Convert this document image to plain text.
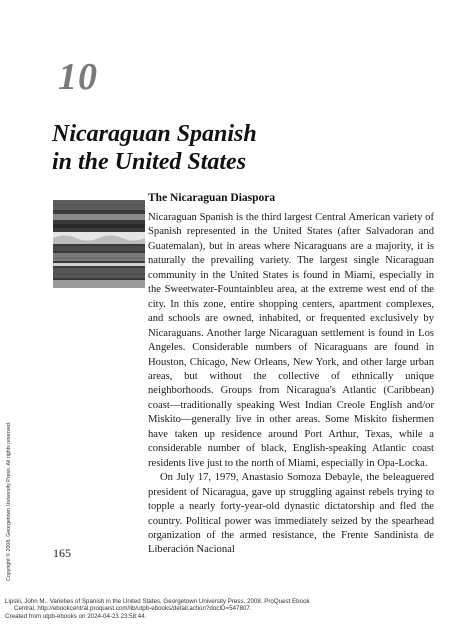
10
Nicaraguan Spanish
in the United States
The Nicaraguan Diaspora

Nicaraguan Spanish is the third largest Central American variety of Spanish represented in the United States (after Salvadoran and Guatemalan), but in areas where Nicaraguans are a majority, it is naturally the prevailing variety. The largest single Nicaraguan community in the United States is found in Miami, especially in the Sweetwater-Fountainbleu area, at the extreme west end of the city. In this zone, entire shopping centers, apartment complexes, and schools are owned, inhabited, or frequented exclusively by Nicaraguans. Another large Nicaraguan settlement is found in Los Angeles. Considerable numbers of Nicaraguans are found in Houston, Chicago, New Orleans, New York, and other large urban areas, but without the collective of ethnically unique neighborhoods. Groups from Nicaragua's Atlantic (Caribbean) coast—traditionally speaking West Indian Creole English and/or Miskito—generally live in other areas. Some Miskito fishermen have taken up residence around Port Arthur, Texas, while a considerable number of black, English-speaking Atlantic coast residents live just to the north of Miami, especially in Opa-Locka.

On July 17, 1979, Anastasio Somoza Debayle, the beleaguered president of Nicaragua, gave up struggling against rebels trying to topple a nearly forty-year-old dynastic dictatorship and fled the country. Political power was immediately seized by the spearhead organization of the armed resistance, the Frente Sandinista de Liberación Nacional

165
Copyright © 2008. Georgetown University Press. All rights reserved.
Lipski, John M.. Varieties of Spanish in the United States, Georgetown University Press, 2008. ProQuest Ebook
Central, http://ebookcentral.proquest.com/lib/utpb-ebooks/detail.action?docID=547807.
Created from utpb-ebooks on 2024-04-23 23:58:44.
